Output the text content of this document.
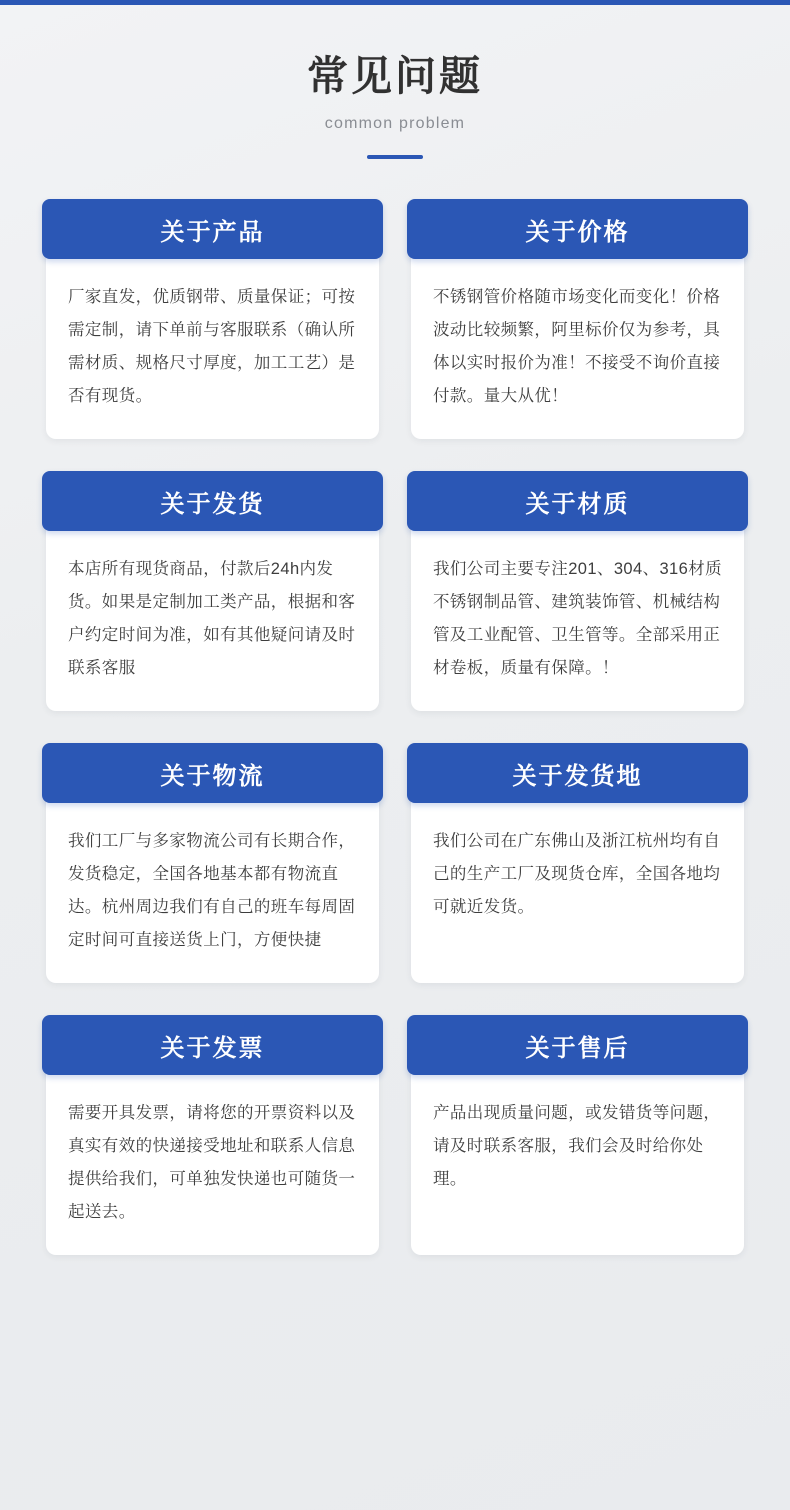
常见问题
common problem
关于产品
厂家直发，优质钢带、质量保证；可按需定制，请下单前与客服联系（确认所需材质、规格尺寸厚度，加工工艺）是否有现货。
关于价格
不锈钢管价格随市场变化而变化！价格波动比较频繁，阿里标价仅为参考，具体以实时报价为准！不接受不询价直接付款。量大从优！
关于发货
本店所有现货商品，付款后24h内发货。如果是定制加工类产品，根据和客户约定时间为准，如有其他疑问请及时联系客服
关于材质
我们公司主要专注201、304、316材质不锈钢制品管、建筑装饰管、机械结构管及工业配管、卫生管等。全部采用正材卷板，质量有保障。！
关于物流
我们工厂与多家物流公司有长期合作，发货稳定，全国各地基本都有物流直达。杭州周边我们有自己的班车每周固定时间可直接送货上门，方便快捷
关于发货地
我们公司在广东佛山及浙江杭州均有自己的生产工厂及现货仓库，全国各地均可就近发货。
关于发票
需要开具发票，请将您的开票资料以及真实有效的快递接受地址和联系人信息提供给我们，可单独发快递也可随货一起送去。
关于售后
产品出现质量问题，或发错货等问题，请及时联系客服，我们会及时给你处理。
